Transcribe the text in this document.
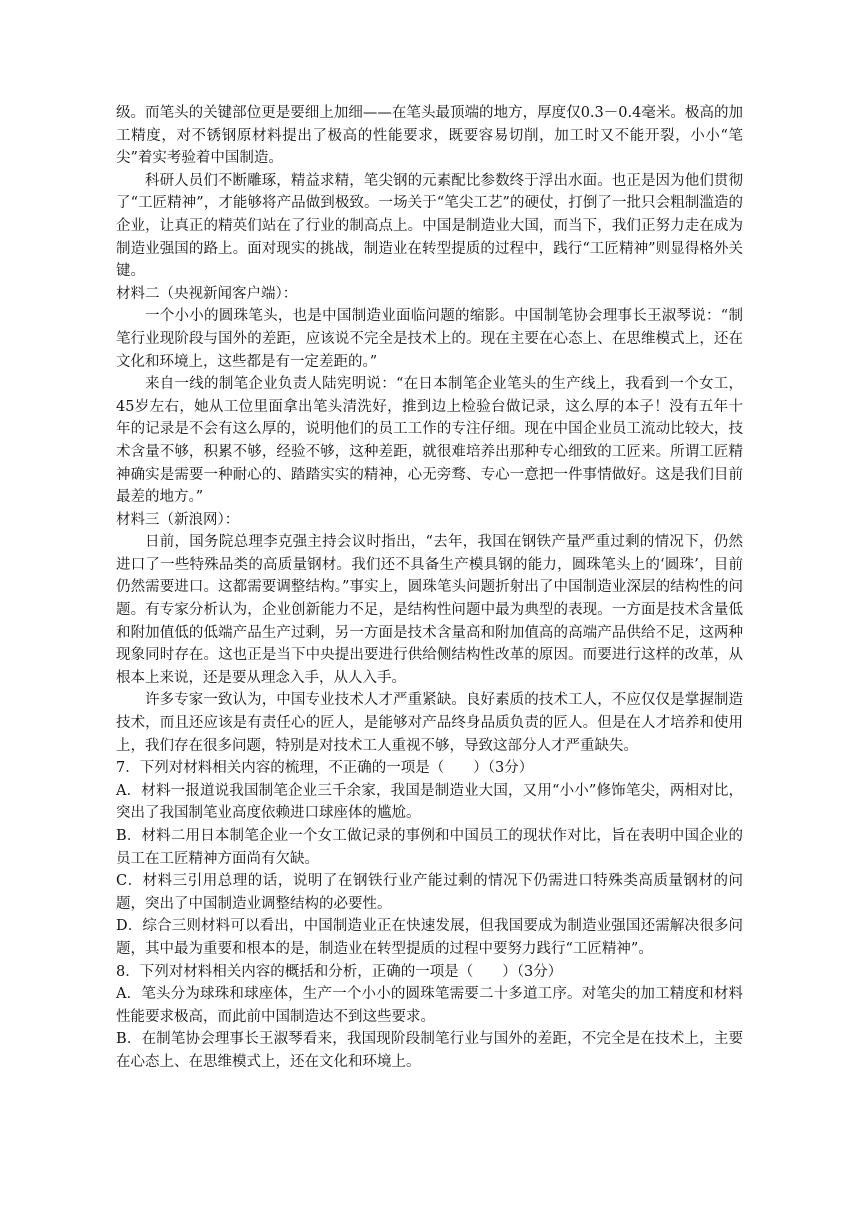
级。而笔头的关键部位更是要细上加细——在笔头最顶端的地方，厚度仅0.3－0.4毫米。极高的加工精度，对不锈钢原材料提出了极高的性能要求，既要容易切削，加工时又不能开裂，小小“笔尖”着实考验着中国制造。

科研人员们不断雕琢，精益求精，笔尖钢的元素配比参数终于浮出水面。也正是因为他们贯彻了“工匠精神”，才能够将产品做到极致。一场关于“笔尖工艺”的硬仗，打倒了一批只会粗制滥造的企业，让真正的精英们站在了行业的制高点上。中国是制造业大国，而当下，我们正努力走在成为制造业强国的路上。面对现实的挑战，制造业在转型提质的过程中，践行“工匠精神”则显得格外关键。

材料二（央视新闻客户端）：

一个小小的圆珠笔头，也是中国制造业面临问题的缩影。中国制笔协会理事长王淑琴说：“制笔行业现阶段与国外的差距，应该说不完全是技术上的。现在主要在心态上、在思维模式上，还在文化和环境上，这些都是有一定差距的。”

来自一线的制笔企业负责人陆宪明说：“在日本制笔企业笔头的生产线上，我看到一个女工， 45岁左右，她从工位里面拿出笔头清洗好，推到边上检验台做记录，这么厚的本子！没有五年十年的记录是不会有这么厚的，说明他们的员工工作的专注仔细。现在中国企业员工流动比较大，技术含量不够，积累不够，经验不够，这种差距，就很难培养出那种专心细致的工匠来。所谓工匠精神确实是需要一种耐心的、踏踏实实的精神，心无旁骛、专心一意把一件事情做好。这是我们目前最差的地方。”

材料三（新浪网）：

日前，国务院总理李克强主持会议时指出，“去年，我国在钢铁产量严重过剩的情况下，仍然进口了一些特殊品类的高质量钢材。我们还不具备生产模具钢的能力，圆珠笔头上的‘圆珠’，目前仍然需要进口。这都需要调整结构。”事实上，圆珠笔头问题折射出了中国制造业深层的结构性的问题。有专家分析认为，企业创新能力不足，是结构性问题中最为典型的表现。一方面是技术含量低和附加值低的低端产品生产过剩，另一方面是技术含量高和附加值高的高端产品供给不足，这两种现象同时存在。这也正是当下中央提出要进行供给侧结构性改革的原因。而要进行这样的改革，从根本上来说，还是要从理念入手，从人入手。

许多专家一致认为，中国专业技术人才严重紧缺。良好素质的技术工人，不应仅仅是掌握制造技术，而且还应该是有责任心的匠人，是能够对产品终身品质负责的匠人。但是在人才培养和使用上，我们存在很多问题，特别是对技术工人重视不够，导致这部分人才严重缺失。

7．下列对材料相关内容的梳理，不正确的一项是（　　）（3分）

A．材料一报道说我国制笔企业三千余家，我国是制造业大国，又用“小小”修饰笔尖，两相对比，突出了我国制笔业高度依赖进口球座体的尴尬。

B．材料二用日本制笔企业一个女工做记录的事例和中国员工的现状作对比，旨在表明中国企业的员工在工匠精神方面尚有欠缺。

C．材料三引用总理的话，说明了在钢铁行业产能过剩的情况下仍需进口特殊类高质量钢材的问题，突出了中国制造业调整结构的必要性。

D．综合三则材料可以看出，中国制造业正在快速发展，但我国要成为制造业强国还需解决很多问题，其中最为重要和根本的是，制造业在转型提质的过程中要努力践行“工匠精神”。

8．下列对材料相关内容的概括和分析，正确的一项是（　　）（3分）

A．笔头分为球珠和球座体，生产一个小小的圆珠笔需要二十多道工序。对笔尖的加工精度和材料性能要求极高，而此前中国制造达不到这些要求。

B．在制笔协会理事长王淑琴看来，我国现阶段制笔行业与国外的差距，不完全是在技术上，主要在心态上、在思维模式上，还在文化和环境上。
